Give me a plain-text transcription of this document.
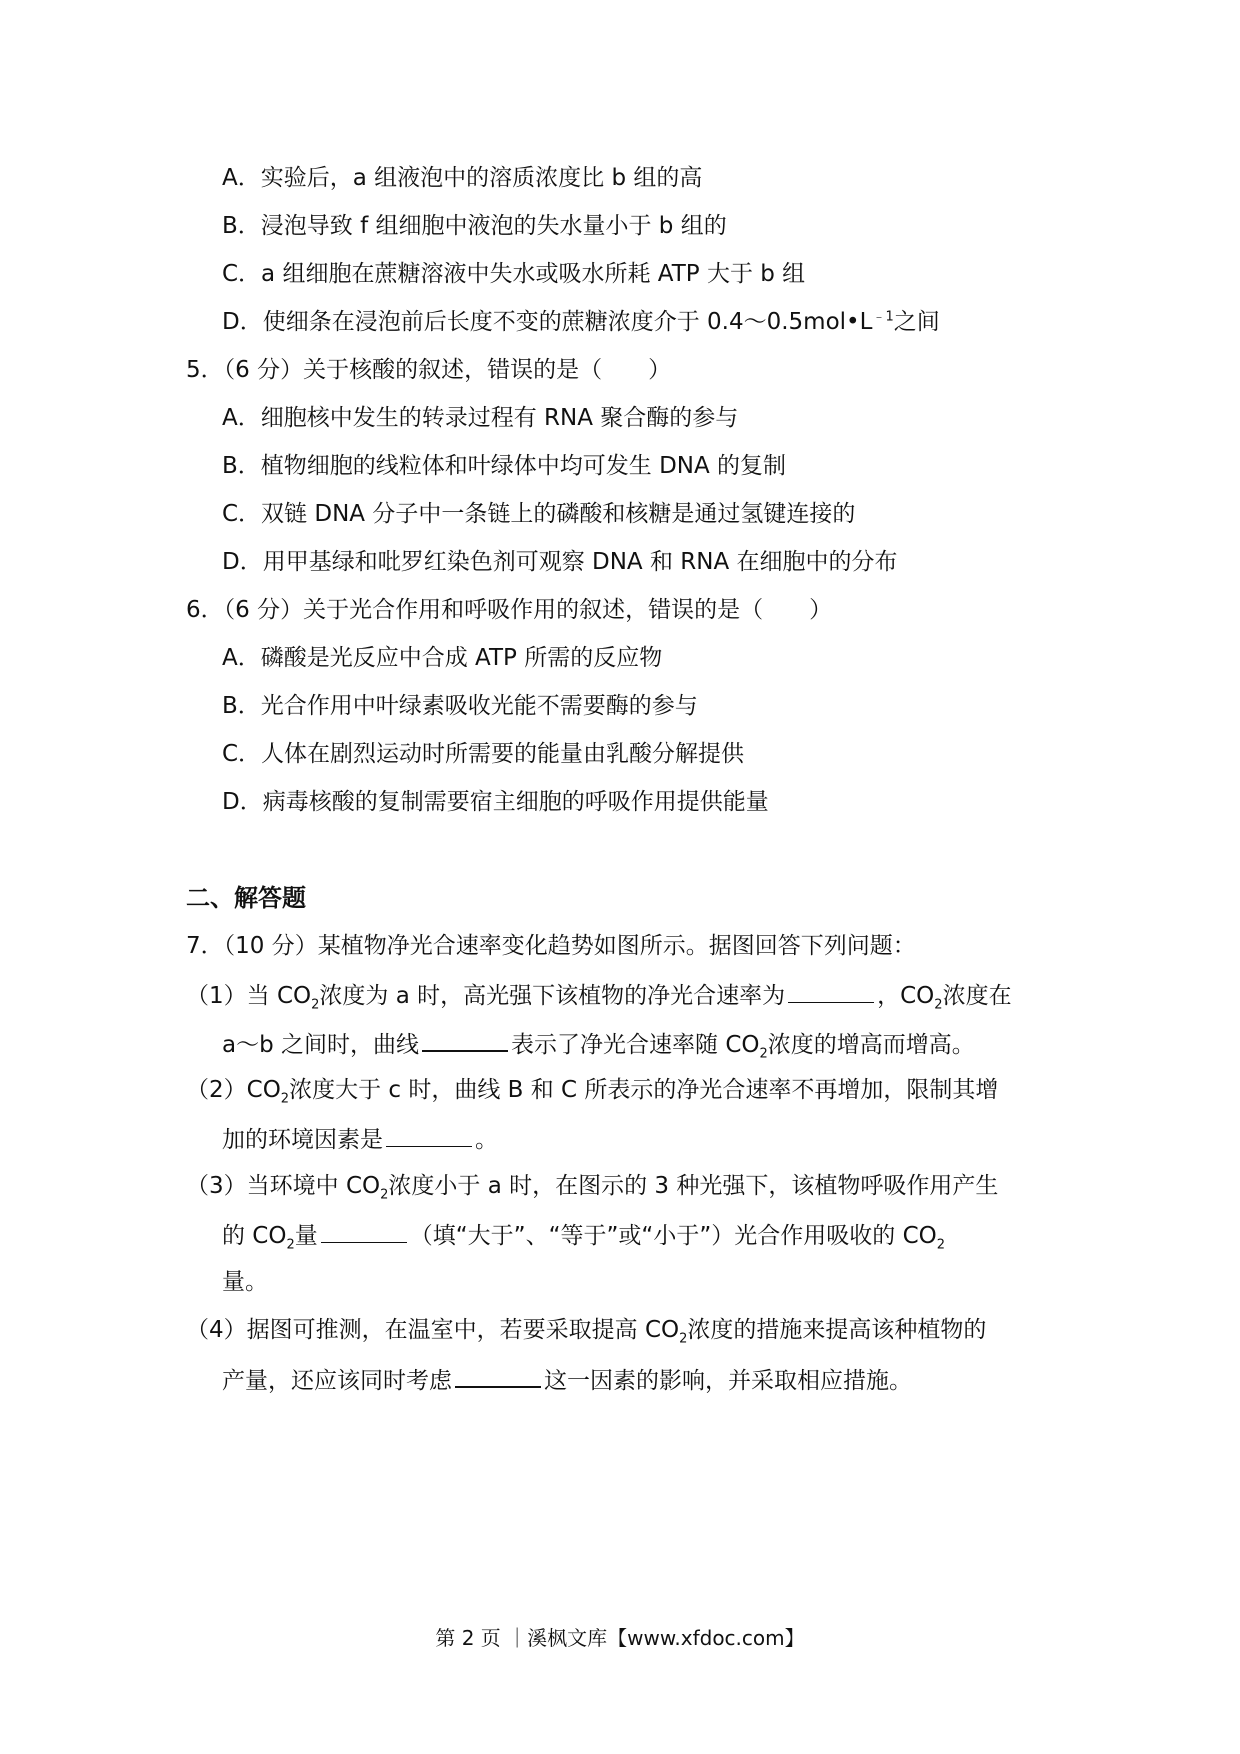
A．实验后，a 组液泡中的溶质浓度比 b 组的高
B．浸泡导致 f 组细胞中液泡的失水量小于 b 组的
C．a 组细胞在蔗糖溶液中失水或吸水所耗 ATP 大于 b 组
D．使细条在浸泡前后长度不变的蔗糖浓度介于 $0.4\sim 0.5mol•L^{﹣1}$之间
5．（6 分）关于核酸的叙述，错误的是（　　）
A．细胞核中发生的转录过程有 RNA 聚合酶的参与
B．植物细胞的线粒体和叶绿体中均可发生 DNA 的复制
C．双链 DNA 分子中一条链上的磷酸和核糖是通过氢键连接的
D．用甲基绿和吡罗红染色剂可观察 DNA 和 RNA 在细胞中的分布
6．（6 分）关于光合作用和呼吸作用的叙述，错误的是（　　）
A．磷酸是光反应中合成 ATP 所需的反应物
B．光合作用中叶绿素吸收光能不需要酶的参与
C．人体在剧烈运动时所需要的能量由乳酸分解提供
D．病毒核酸的复制需要宿主细胞的呼吸作用提供能量
二、解答题
7．（10 分）某植物净光合速率变化趋势如图所示。据图回答下列问题：
（1）当 $CO_2$浓度为 a 时，高光强下该植物的净光合速率为	，$CO_2$浓度在
a～b 之间时，曲线	表示了净光合速率随 $CO_2$浓度的增高而增高。
$(2)CO_2$浓度大于 c 时，曲线 B 和 C 所表示的净光合速率不再增加，限制其增
加的环境因素是	。
（3）当环境中 $CO_2$浓度小于 a 时，在图示的 3 种光强下，该植物呼吸作用产生
的 $CO_2$量	（填“大于”、“等于”或“小于”）光合作用吸收的 $CO_2$
量。
（4）据图可推测，在温室中，若要采取提高 $CO_2$浓度的措施来提高该种植物的
产量，还应该同时考虑	这一因素的影响，并采取相应措施。
第 2 页 ｜溪枫文库【www.xfdoc.com】
